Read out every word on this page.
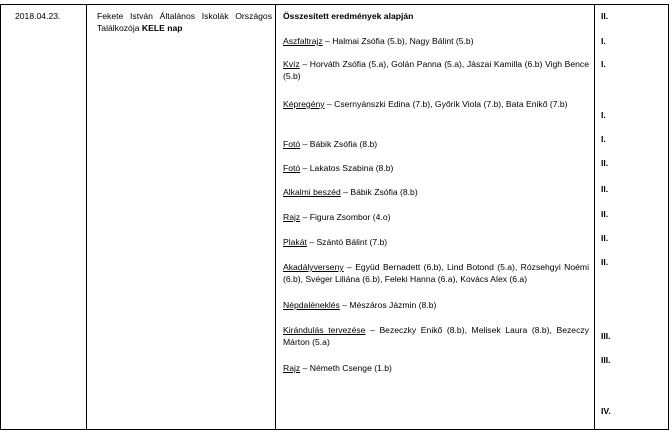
2018.04.23.	Fekete István Általános Iskolák Országos Találkozója KELE nap
Összesített eredmények alapján
Aszfaltrajz – Halmai Zsófia (5.b), Nagy Bálint (5.b)
Kvíz – Horváth Zsófia (5.a), Golán Panna (5.a), Jászai Kamilla (6.b) Vigh Bence (5.b)
Képregény – Csernyánszki Edina (7.b), Győrik Viola (7.b), Bata Enikő (7.b)
Fotó – Bábik Zsófia (8.b)
Fotó – Lakatos Szabina (8.b)
Alkalmi beszéd – Bábik Zsófia (8.b)
Rajz – Figura Zsombor (4.o)
Plakát – Szántó Bálint (7.b)
Akadályverseny – Együd Bernadett (6.b), Lind Botond (5.a), Rózsehgyi Noémi (6.b), Svéger Liliána (6.b), Feleki Hanna (6.a), Kovács Alex (6.a)
Népdaléneklés – Mészáros Jázmin (8.b)
Kirándulás tervezése – Bezeczky Enikő (8.b), Melisek Laura (8.b), Bezeczy Márton (5.a)
Rajz – Németh Csenge (1.b)
II.
I.
I.
I.
I.
II.
II.
II.
II.
II.
III.
III.
IV.
